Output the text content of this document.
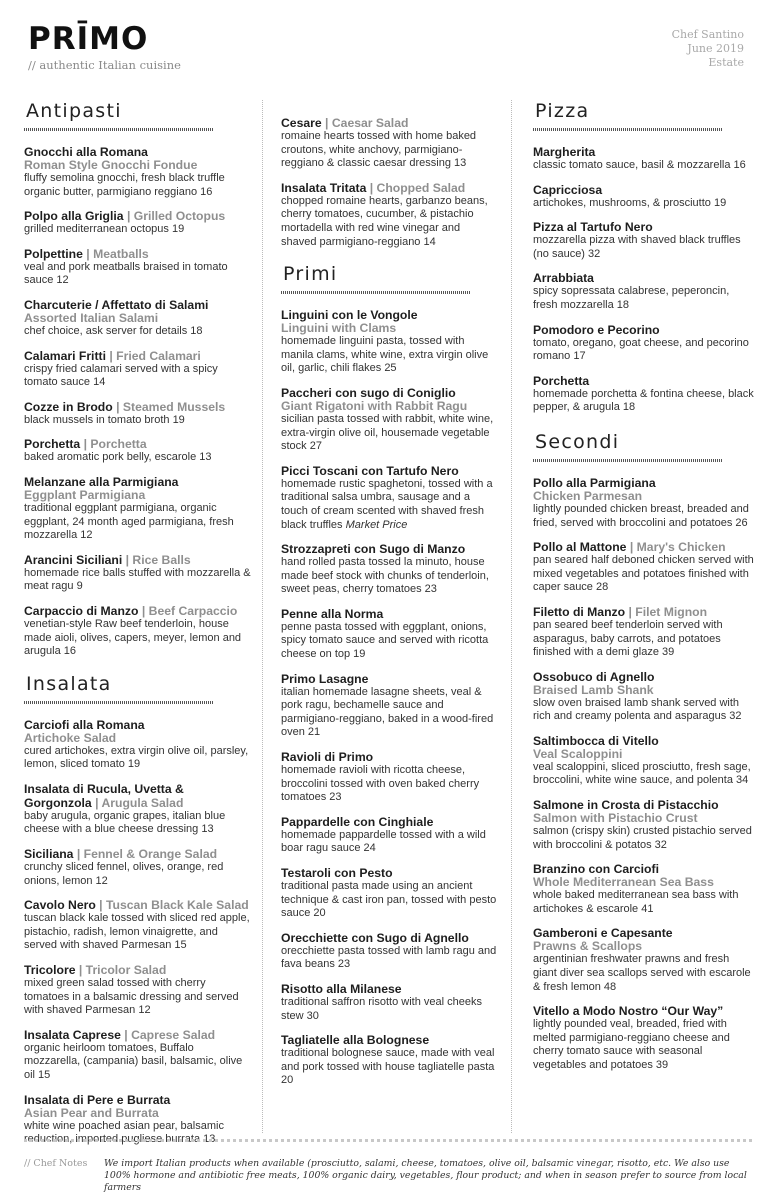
PRĪMO
// authentic Italian cuisine
Chef Santino
June 2019
Estate
Antipasti
Gnocchi alla Romana
Roman Style Gnocchi Fondue
fluffy semolina gnocchi, fresh black truffle organic butter, parmigiano reggiano 16
Polpo alla Griglia | Grilled Octopus
grilled mediterranean octopus 19
Polpettine | Meatballs
veal and pork meatballs braised in tomato sauce 12
Charcuterie / Affettato di Salami
Assorted Italian Salami
chef choice, ask server for details 18
Calamari Fritti | Fried Calamari
crispy fried calamari served with a spicy tomato sauce 14
Cozze in Brodo | Steamed Mussels
black mussels in tomato broth 19
Porchetta | Porchetta
baked aromatic pork belly, escarole 13
Melanzane alla Parmigiana
Eggplant Parmigiana
traditional eggplant parmigiana, organic eggplant, 24 month aged parmigiana, fresh mozzarella 12
Arancini Siciliani | Rice Balls
homemade rice balls stuffed with mozzarella & meat ragu 9
Carpaccio di Manzo | Beef Carpaccio
venetian-style Raw beef tenderloin, house made aioli, olives, capers, meyer, lemon and arugula 16
Insalata
Carciofi alla Romana
Artichoke Salad
cured artichokes, extra virgin olive oil, parsley, lemon, sliced tomato 19
Insalata di Rucula, Uvetta & Gorgonzola | Arugula Salad
baby arugula, organic grapes, italian blue cheese with a blue cheese dressing 13
Siciliana | Fennel & Orange Salad
crunchy sliced fennel, olives, orange, red onions, lemon 12
Cavolo Nero | Tuscan Black Kale Salad
tuscan black kale tossed with sliced red apple, pistachio, radish, lemon vinaigrette, and served with shaved Parmesan 15
Tricolore | Tricolor Salad
mixed green salad tossed with cherry tomatoes in a balsamic dressing and served with shaved Parmesan 12
Insalata Caprese | Caprese Salad
organic heirloom tomatoes, Buffalo mozzarella, (campania) basil, balsamic, olive oil 15
Insalata di Pere e Burrata
Asian Pear and Burrata
white wine poached asian pear, balsamic reduction, imported pugliese burrata 13
Cesare | Caesar Salad
romaine hearts tossed with home baked croutons, white anchovy, parmigiano-reggiano & classic caesar dressing 13
Insalata Tritata | Chopped Salad
chopped romaine hearts, garbanzo beans, cherry tomatoes, cucumber, & pistachio mortadella with red wine vinegar and shaved parmigiano-reggiano 14
Primi
Linguini con le Vongole
Linguini with Clams
homemade linguini pasta, tossed with manila clams, white wine, extra virgin olive oil, garlic, chili flakes 25
Paccheri con sugo di Coniglio
Giant Rigatoni with Rabbit Ragu
sicilian pasta tossed with rabbit, white wine, extra-virgin olive oil, housemade vegetable stock 27
Picci Toscani con Tartufo Nero
homemade rustic spaghetoni, tossed with a traditional salsa umbra, sausage and a touch of cream scented with shaved fresh black truffles Market Price
Strozzapreti con Sugo di Manzo
hand rolled pasta tossed la minuto, house made beef stock with chunks of tenderloin, sweet peas, cherry tomatoes 23
Penne alla Norma
penne pasta tossed with eggplant, onions, spicy tomato sauce and served with ricotta cheese on top 19
Primo Lasagne
italian homemade lasagne sheets, veal & pork ragu, bechamelle sauce and parmigiano-reggiano, baked in a wood-fired oven 21
Ravioli di Primo
homemade ravioli with ricotta cheese, broccolini tossed with oven baked cherry tomatoes 23
Pappardelle con Cinghiale
homemade pappardelle tossed with a wild boar ragu sauce 24
Testaroli con Pesto
traditional pasta made using an ancient technique & cast iron pan, tossed with pesto sauce 20
Orecchiette con Sugo di Agnello
orecchiette pasta tossed with lamb ragu and fava beans 23
Risotto alla Milanese
traditional saffron risotto with veal cheeks stew 30
Tagliatelle alla Bolognese
traditional bolognese sauce, made with veal and pork tossed with house tagliatelle pasta 20
Pizza
Margherita
classic tomato sauce, basil & mozzarella 16
Capricciosa
artichokes, mushrooms, & prosciutto 19
Pizza al Tartufo Nero
mozzarella pizza with shaved black truffles (no sauce) 32
Arrabbiata
spicy sopressata calabrese, peperoncin, fresh mozzarella 18
Pomodoro e Pecorino
tomato, oregano, goat cheese, and pecorino romano 17
Porchetta
homemade porchetta & fontina cheese, black pepper, & arugula 18
Secondi
Pollo alla Parmigiana
Chicken Parmesan
lightly pounded chicken breast, breaded and fried, served with broccolini and potatoes 26
Pollo al Mattone | Mary's Chicken
pan seared half deboned chicken served with mixed vegetables and potatoes finished with caper sauce 28
Filetto di Manzo | Filet Mignon
pan seared beef tenderloin served with asparagus, baby carrots, and potatoes finished with a demi glaze 39
Ossobuco di Agnello
Braised Lamb Shank
slow oven braised lamb shank served with rich and creamy polenta and asparagus 32
Saltimbocca di Vitello
Veal Scaloppini
veal scaloppini, sliced prosciutto, fresh sage, broccolini, white wine sauce, and polenta 34
Salmone in Crosta di Pistacchio
Salmon with Pistachio Crust
salmon (crispy skin) crusted pistachio served with broccolini & potatos 32
Branzino con Carciofi
Whole Mediterranean Sea Bass
whole baked mediterranean sea bass with artichokes & escarole 41
Gamberoni e Capesante
Prawns & Scallops
argentinian freshwater prawns and fresh giant diver sea scallops served with escarole & fresh lemon 48
Vitello a Modo Nostro “Our Way”
lightly pounded veal, breaded, fried with melted parmigiano-reggiano cheese and cherry tomato sauce with seasonal vegetables and potatoes 39
// Chef Notes We import Italian products when available (prosciutto, salami, cheese, tomatoes, olive oil, balsamic vinegar, risotto, etc. We also use 100% hormone and antibiotic free meats, 100% organic dairy, vegetables, flour product; and when in season prefer to source from local farmers
